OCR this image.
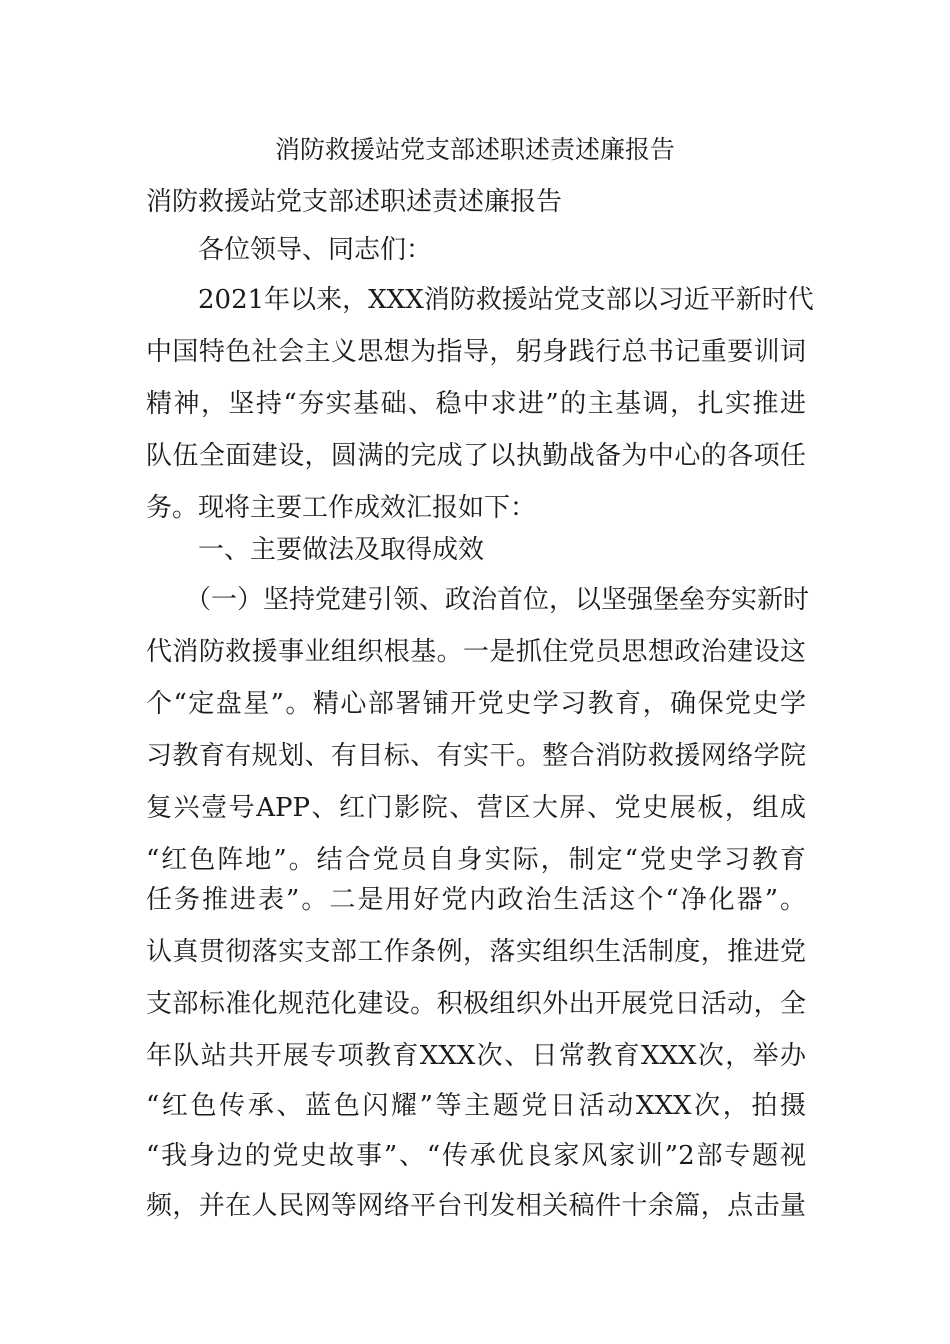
消防救援站党支部述职述责述廉报告
消防救援站党支部述职述责述廉报告
　　各位领导、同志们：
　　2021年以来，XXX消防救援站党支部以习近平新时代
中国特色社会主义思想为指导，躬身践行总书记重要训词
精神，坚持“夯实基础、稳中求进”的主基调，扎实推进
队伍全面建设，圆满的完成了以执勤战备为中心的各项任
务。现将主要工作成效汇报如下：
　　一、主要做法及取得成效
　　（一）坚持党建引领、政治首位，以坚强堡垒夯实新时
代消防救援事业组织根基。一是抓住党员思想政治建设这
个“定盘星”。精心部署铺开党史学习教育，确保党史学
习教育有规划、有目标、有实干。整合消防救援网络学院
复兴壹号APP、红门影院、营区大屏、党史展板，组成
“红色阵地”。结合党员自身实际，制定“党史学习教育
任务推进表”。二是用好党内政治生活这个“净化器”。
认真贯彻落实支部工作条例，落实组织生活制度，推进党
支部标准化规范化建设。积极组织外出开展党日活动，全
年队站共开展专项教育XXX次、日常教育XXX次，举办
“红色传承、蓝色闪耀”等主题党日活动XXX次，拍摄
“我身边的党史故事”、“传承优良家风家训”2部专题视
频，并在人民网等网络平台刊发相关稿件十余篇，点击量
